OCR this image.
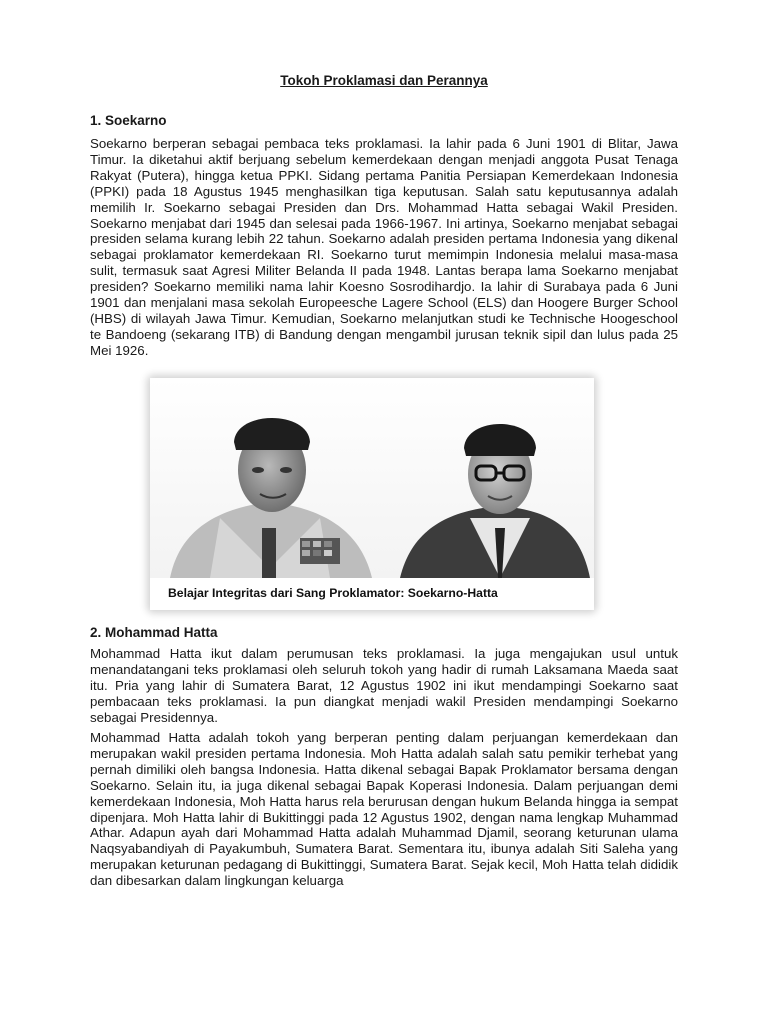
Tokoh Proklamasi dan Perannya
1. Soekarno

Soekarno berperan sebagai pembaca teks proklamasi. Ia lahir pada 6 Juni 1901 di Blitar, Jawa Timur. Ia diketahui aktif berjuang sebelum kemerdekaan dengan menjadi anggota Pusat Tenaga Rakyat (Putera), hingga ketua PPKI. Sidang pertama Panitia Persiapan Kemerdekaan Indonesia (PPKI) pada 18 Agustus 1945 menghasilkan tiga keputusan. Salah satu keputusannya adalah memilih Ir. Soekarno sebagai Presiden dan Drs. Mohammad Hatta sebagai Wakil Presiden. Soekarno menjabat dari 1945 dan selesai pada 1966-1967. Ini artinya, Soekarno menjabat sebagai presiden selama kurang lebih 22 tahun. Soekarno adalah presiden pertama Indonesia yang dikenal sebagai proklamator kemerdekaan RI. Soekarno turut memimpin Indonesia melalui masa-masa sulit, termasuk saat Agresi Militer Belanda II pada 1948. Lantas berapa lama Soekarno menjabat presiden? Soekarno memiliki nama lahir Koesno Sosrodihardjo. Ia lahir di Surabaya pada 6 Juni 1901 dan menjalani masa sekolah Europeesche Lagere School (ELS) dan Hoogere Burger School (HBS) di wilayah Jawa Timur. Kemudian, Soekarno melanjutkan studi ke Technische Hoogeschool te Bandoeng (sekarang ITB) di Bandung dengan mengambil jurusan teknik sipil dan lulus pada 25 Mei 1926.

Belajar Integritas dari Sang Proklamator: Soekarno-Hatta
2. Mohammad Hatta

Mohammad Hatta ikut dalam perumusan teks proklamasi. Ia juga mengajukan usul untuk menandatangani teks proklamasi oleh seluruh tokoh yang hadir di rumah Laksamana Maeda saat itu. Pria yang lahir di Sumatera Barat, 12 Agustus 1902 ini ikut mendampingi Soekarno saat pembacaan teks proklamasi. Ia pun diangkat menjadi wakil Presiden mendampingi Soekarno sebagai Presidennya.

Mohammad Hatta adalah tokoh yang berperan penting dalam perjuangan kemerdekaan dan merupakan wakil presiden pertama Indonesia. Moh Hatta adalah salah satu pemikir terhebat yang pernah dimiliki oleh bangsa Indonesia. Hatta dikenal sebagai Bapak Proklamator bersama dengan Soekarno. Selain itu, ia juga dikenal sebagai Bapak Koperasi Indonesia. Dalam perjuangan demi kemerdekaan Indonesia, Moh Hatta harus rela berurusan dengan hukum Belanda hingga ia sempat dipenjara. Moh Hatta lahir di Bukittinggi pada 12 Agustus 1902, dengan nama lengkap Muhammad Athar. Adapun ayah dari Mohammad Hatta adalah Muhammad Djamil, seorang keturunan ulama Naqsyabandiyah di Payakumbuh, Sumatera Barat. Sementara itu, ibunya adalah Siti Saleha yang merupakan keturunan pedagang di Bukittinggi, Sumatera Barat. Sejak kecil, Moh Hatta telah dididik dan dibesarkan dalam lingkungan keluarga
